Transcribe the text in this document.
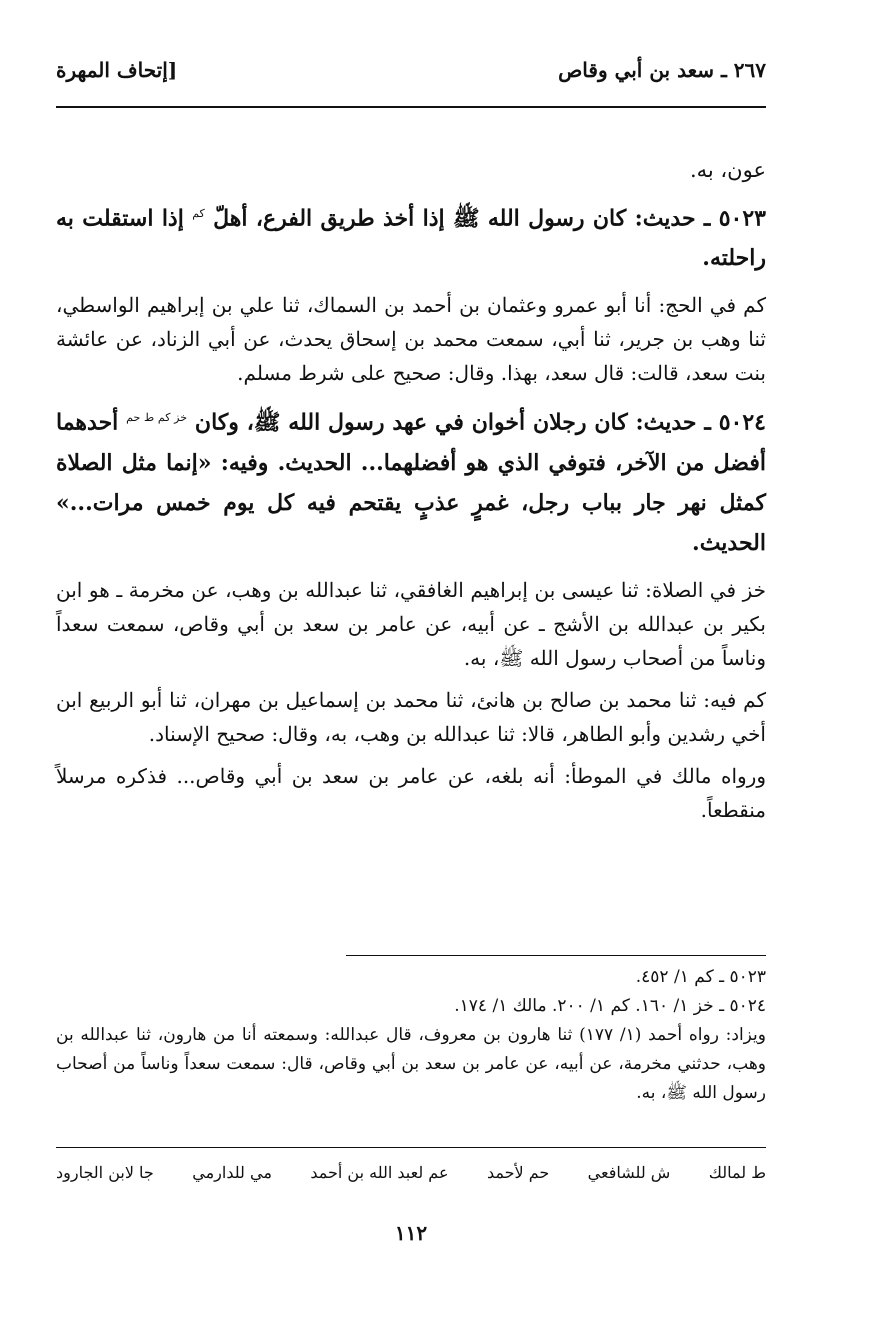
٢٦٧ ـ سعد بن أبي وقاص
[إتحاف المهرة

عون، به.

٥٠٢٣ ـ حديث: كان رسول الله ﷺ إذا أخذ طريق الفرع، أهلّ $^{كم}$ إذا استقلت به راحلته.

كم في الحج: أنا أبو عمرو وعثمان بن أحمد بن السماك، ثنا علي بن إبراهيم الواسطي، ثنا وهب بن جرير، ثنا أبي، سمعت محمد بن إسحاق يحدث، عن أبي الزناد، عن عائشة بنت سعد، قالت: قال سعد، بهذا. وقال: صحيح على شرط مسلم.

٥٠٢٤ ـ حديث: كان رجلان أخوان في عهد رسول الله ﷺ، وكان $^{خز كم ط حم}$ أحدهما أفضل من الآخر، فتوفي الذي هو أفضلهما... الحديث. وفيه: «إنما مثل الصلاة كمثل نهر جار بباب رجل، غمرٍ عذبٍ يقتحم فيه كل يوم خمس مرات...» الحديث.

خز في الصلاة: ثنا عيسى بن إبراهيم الغافقي، ثنا عبدالله بن وهب، عن مخرمة ـ هو ابن بكير بن عبدالله بن الأشج ـ عن أبيه، عن عامر بن سعد بن أبي وقاص، سمعت سعداً وناساً من أصحاب رسول الله ﷺ، به.

كم فيه: ثنا محمد بن صالح بن هانئ، ثنا محمد بن إسماعيل بن مهران، ثنا أبو الربيع ابن أخي رشدين وأبو الطاهر، قالا: ثنا عبدالله بن وهب، به، وقال: صحيح الإسناد.

ورواه مالك في الموطأ: أنه بلغه، عن عامر بن سعد بن أبي وقاص... فذكره مرسلاً منقطعاً.

٥٠٢٣ ـ كم ١/ ٤٥٢.

٥٠٢٤ ـ خز ١/ ١٦٠. كم ١/ ٢٠٠. مالك ١/ ١٧٤.

ويزاد: رواه أحمد (١/ ١٧٧) ثنا هارون بن معروف، قال عبدالله: وسمعته أنا من هارون، ثنا عبدالله بن وهب، حدثني مخرمة، عن أبيه، عن عامر بن سعد بن أبي وقاص، قال: سمعت سعداً وناساً من أصحاب رسول الله ﷺ، به.

ط لمالك
ش للشافعي
حم لأحمد
عم لعبد الله بن أحمد
مي للدارمي
جا لابن الجارود
١١٢
